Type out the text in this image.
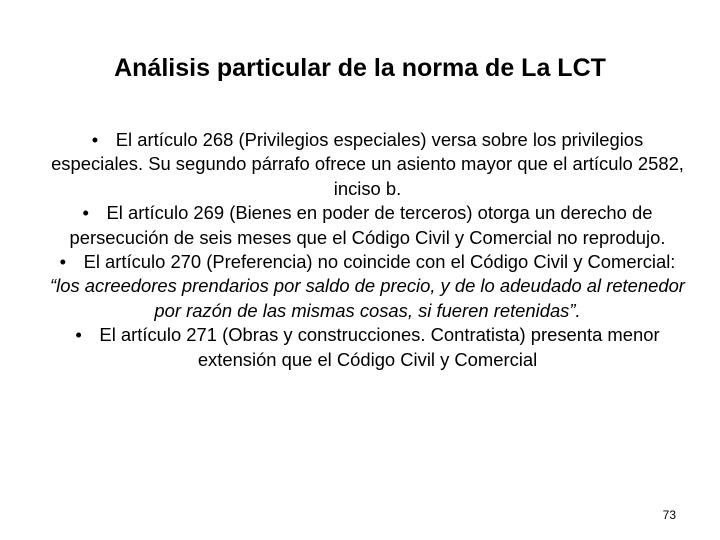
Análisis particular de la norma de La LCT

• El artículo 268 (Privilegios especiales) versa sobre los privilegios especiales. Su segundo párrafo ofrece un asiento mayor que el artículo 2582, inciso b.

• El artículo 269 (Bienes en poder de terceros) otorga un derecho de persecución de seis meses que el Código Civil y Comercial no reprodujo.

• El artículo 270 (Preferencia) no coincide con el Código Civil y Comercial: “los acreedores prendarios por saldo de precio, y de lo adeudado al retenedor por razón de las mismas cosas, si fueren retenidas”.

• El artículo 271 (Obras y construcciones. Contratista) presenta menor extensión que el Código Civil y Comercial

73
